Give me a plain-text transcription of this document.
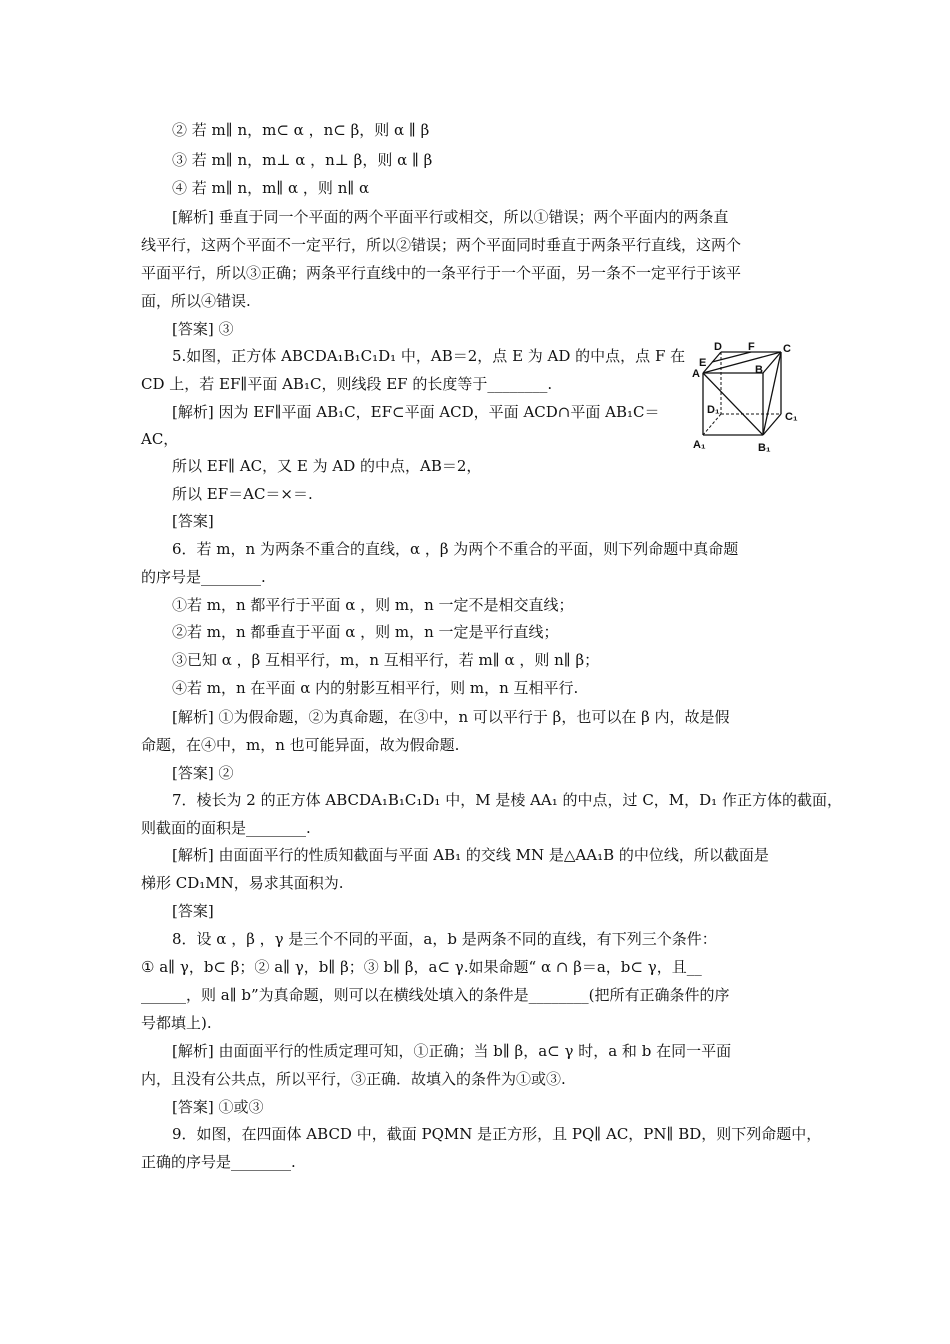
② 若 m∥ n，m⊂ α ，n⊂ β，则 α ∥ β
③ 若 m∥ n，m⊥ α ，n⊥ β，则 α ∥ β
④ 若 m∥ n，m∥ α ，则 n∥ α
[解析] 垂直于同一个平面的两个平面平行或相交，所以①错误；两个平面内的两条直
线平行，这两个平面不一定平行，所以②错误；两个平面同时垂直于两条平行直线，这两个
平面平行，所以③正确；两条平行直线中的一条平行于一个平面，另一条不一定平行于该平
面，所以④错误.
[答案] ③
5.如图，正方体 ABCDA₁B₁C₁D₁ 中，AB＝2，点 E 为 AD 的中点，点 F 在
CD 上，若 EF∥平面 AB₁C，则线段 EF 的长度等于________.
[解析] 因为 EF∥平面 AB₁C，EF⊂平面 ACD，平面 ACD∩平面 AB₁C＝
AC，
所以 EF∥ AC，又 E 为 AD 的中点，AB＝2，
所以 EF＝AC＝×＝.
[答案]
6．若 m，n 为两条不重合的直线，α ，β 为两个不重合的平面，则下列命题中真命题
的序号是________.
①若 m，n 都平行于平面 α ，则 m，n 一定不是相交直线；
②若 m，n 都垂直于平面 α ，则 m，n 一定是平行直线；
③已知 α ，β 互相平行，m，n 互相平行，若 m∥ α ，则 n∥ β；
④若 m，n 在平面 α 内的射影互相平行，则 m，n 互相平行.
[解析] ①为假命题，②为真命题，在③中，n 可以平行于 β，也可以在 β 内，故是假
命题，在④中，m，n 也可能异面，故为假命题.
[答案] ②
7．棱长为 2 的正方体 ABCDA₁B₁C₁D₁ 中，M 是棱 AA₁ 的中点，过 C，M，D₁ 作正方体的截面，
则截面的面积是________.
[解析] 由面面平行的性质知截面与平面 AB₁ 的交线 MN 是△AA₁B 的中位线，所以截面是
梯形 CD₁MN，易求其面积为.
[答案]
8．设 α ，β ，γ 是三个不同的平面，a，b 是两条不同的直线，有下列三个条件：
① a∥ γ，b⊂ β；② a∥ γ，b∥ β；③ b∥ β，a⊂ γ.如果命题“ α ∩ β＝a，b⊂ γ，且__
______，则 a∥ b”为真命题，则可以在横线处填入的条件是________(把所有正确条件的序
号都填上).
[解析] 由面面平行的性质定理可知，①正确；当 b∥ β，a⊂ γ 时，a 和 b 在同一平面
内，且没有公共点，所以平行，③正确．故填入的条件为①或③.
[答案] ①或③
9．如图，在四面体 ABCD 中，截面 PQMN 是正方形，且 PQ∥ AC，PN∥ BD，则下列命题中，
正确的序号是________.
D F	C
E
A	B
D₁
C₁
A₁	B₁
